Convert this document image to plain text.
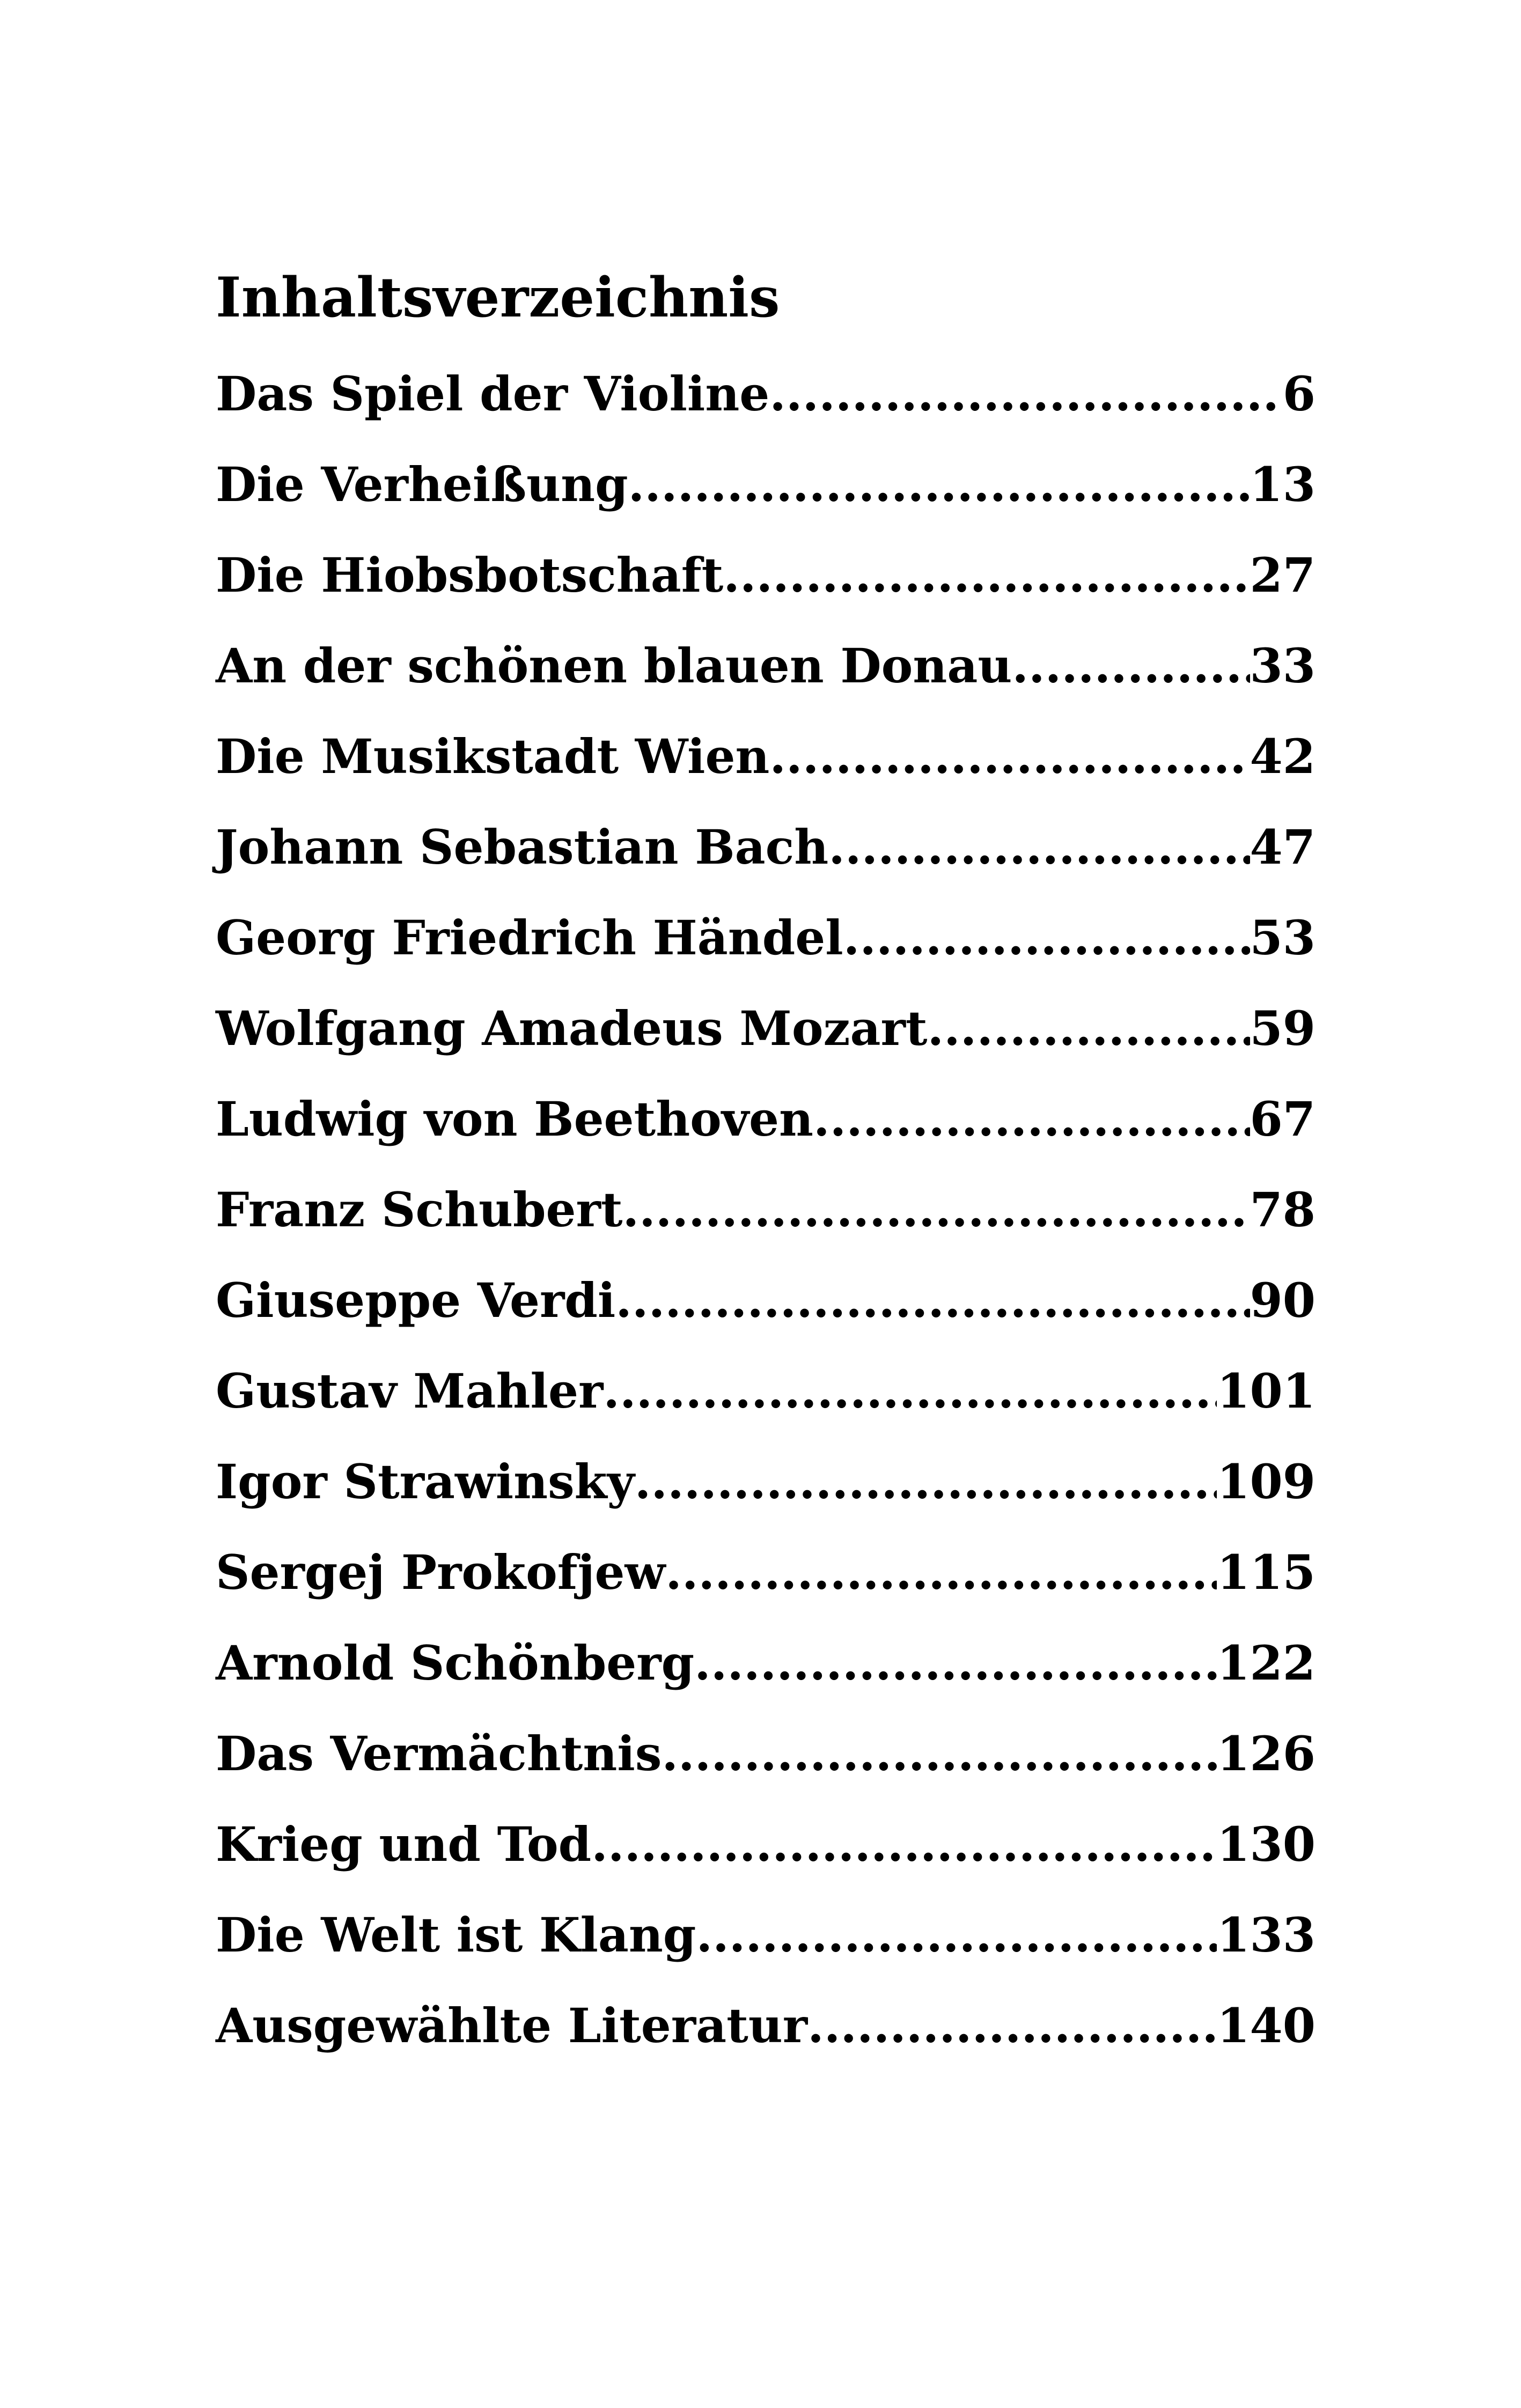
Inhaltsverzeichnis
Das Spiel der Violine .....	6
Die Verheißung .....	13
Die Hiobsbotschaft .....	27
An der schönen blauen Donau .....	33
Die Musikstadt Wien .....	42
Johann Sebastian Bach .....	47
Georg Friedrich Händel .....	53
Wolfgang Amadeus Mozart .....	59
Ludwig von Beethoven .....	67
Franz Schubert .....	78
Giuseppe Verdi .....	90
Gustav Mahler .....	101
Igor Strawinsky .....	109
Sergej Prokofjew .....	115
Arnold Schönberg .....	122
Das Vermächtnis .....	126
Krieg und Tod .....	130
Die Welt ist Klang .....	133
Ausgewählte Literatur .....	140
